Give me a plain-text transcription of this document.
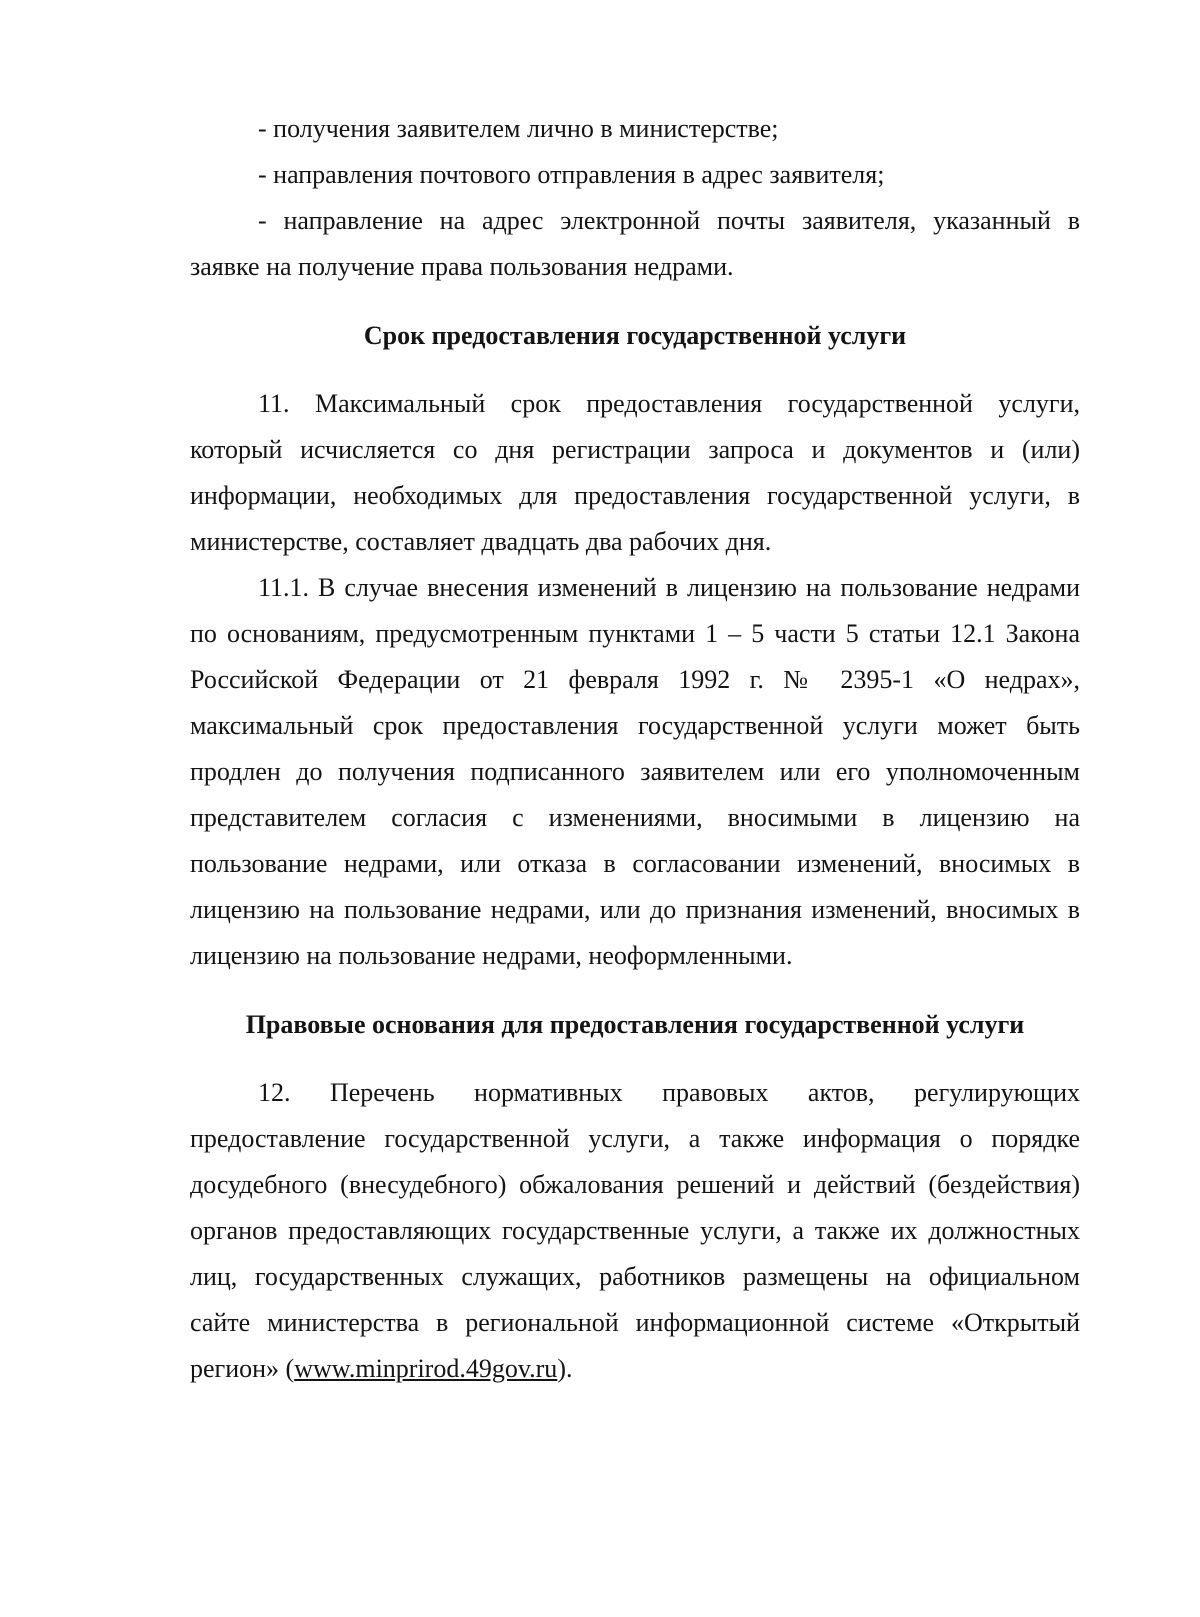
- получения заявителем лично в министерстве;
- направления почтового отправления в адрес заявителя;
- направление на адрес электронной почты заявителя, указанный в
заявке на получение права пользования недрами.
Срок предоставления государственной услуги
11. Максимальный срок предоставления государственной услуги,
который исчисляется со дня регистрации запроса и документов и (или)
информации, необходимых для предоставления государственной услуги, в
министерстве, составляет двадцать два рабочих дня.
11.1. В случае внесения изменений в лицензию на пользование недрами
по основаниям, предусмотренным пунктами 1 – 5 части 5 статьи 12.1 Закона
Российской Федерации от 21 февраля 1992 г. № 2395-1 «О недрах»,
максимальный срок предоставления государственной услуги может быть
продлен до получения подписанного заявителем или его уполномоченным
представителем согласия с изменениями, вносимыми в лицензию на
пользование недрами, или отказа в согласовании изменений, вносимых в
лицензию на пользование недрами, или до признания изменений, вносимых в
лицензию на пользование недрами, неоформленными.
Правовые основания для предоставления государственной услуги
12. Перечень нормативных правовых актов, регулирующих
предоставление государственной услуги, а также информация о порядке
досудебного (внесудебного) обжалования решений и действий (бездействия)
органов предоставляющих государственные услуги, а также их должностных
лиц, государственных служащих, работников размещены на официальном
сайте министерства в региональной информационной системе «Открытый
регион» (www.minprirod.49gov.ru).
